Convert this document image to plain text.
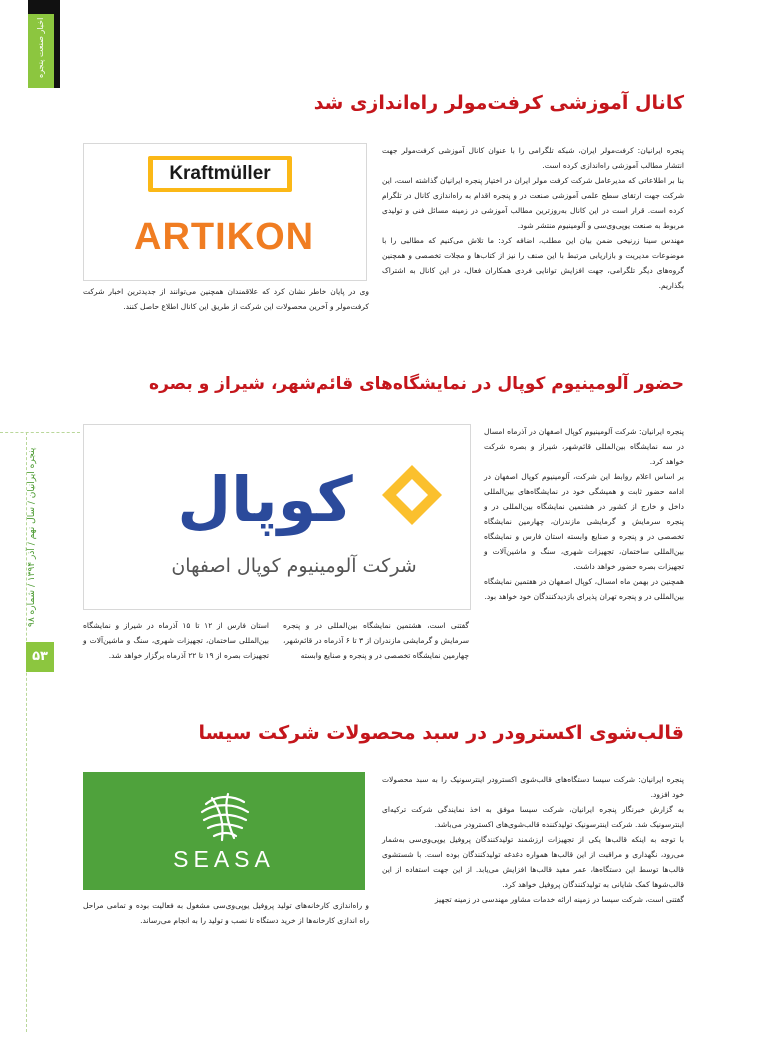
اخبار صنعت پنجره
پنجره ایرانیان / سال نهم / آذر ۱۳۹۴ / شماره ۹۸
۵۳
کانال آموزشی کرفت‌مولر راه‌اندازی شد
Kraftmüller
ARTIKON

پنجره ایرانیان: کرفت‌مولر ایران، شبکه تلگرامی را با عنوان کانال آموزشی کرفت‌مولر جهت انتشار مطالب آموزشی راه‌اندازی کرده است.

بنا بر اطلاعاتی که مدیرعامل شرکت کرفت مولر ایران در اختیار پنجره ایرانیان گذاشته است، این شرکت جهت ارتقای سطح علمی آموزشی صنعت در و پنجره اقدام به راه‌اندازی کانال در تلگرام کرده است. قرار است در این کانال به‌روزترین مطالب آموزشی در زمینه مسائل فنی و تولیدی مربوط به صنعت یوپی‌وی‌سی و آلومینیوم منتشر شود.

مهندس سینا زرنیخی ضمن بیان این مطلب، اضافه کرد: ما تلاش می‌کنیم که مطالبی را با موضوعات مدیریت و بازاریابی مرتبط با این صنف را نیز از کتاب‌ها و مجلات تخصصی و همچنین گروه‌های دیگر تلگرامی، جهت افزایش توانایی فردی همکاران فعال، در این کانال به اشتراک بگذاریم.

وی در پایان خاطر نشان کرد که علاقمندان همچنین می‌توانند از جدیدترین اخبار شرکت کرفت‌مولر و آخرین محصولات این شرکت از طریق این کانال اطلاع حاصل کنند.

حضور آلومینیوم کوپال در نمایشگاه‌های قائم‌شهر، شیراز و بصره
کوپال
شرکت آلومینیوم کوپال اصفهان

پنجره ایرانیان: شرکت آلومینیوم کوپال اصفهان در آذرماه امسال در سه نمایشگاه بین‌المللی قائم‌شهر، شیراز و بصره شرکت خواهد کرد.

بر اساس اعلام روابط این شرکت، آلومینیوم کوپال اصفهان در ادامه حضور ثابت و همیشگی خود در نمایشگاه‌های بین‌المللی داخل و خارج از کشور در هشتمین نمایشگاه بین‌المللی در و پنجره سرمایش و گرمایشی مازندران، چهارمین نمایشگاه تخصصی در و پنجره و صنایع وابسته استان فارس و نمایشگاه بین‌المللی ساختمان، تجهیزات شهری، سنگ و ماشین‌آلات و تجهیزات بصره حضور خواهد داشت.

همچنین در بهمن ماه امسال، کوپال اصفهان در هفتمین نمایشگاه بین‌المللی در و پنجره تهران پذیرای بازدیدکنندگان خود خواهد بود.

گفتنی است، هشتمین نمایشگاه بین‌المللی در و پنجره سرمایش و گرمایشی مازندران از ۳ تا ۶ آذرماه در قائم‌شهر، چهارمین نمایشگاه تخصصی در و پنجره و صنایع وابسته

استان فارس از ۱۲ تا ۱۵ آذرماه در شیراز و نمایشگاه بین‌المللی ساختمان، تجهیزات شهری، سنگ و ماشین‌آلات و تجهیزات بصره از ۱۹ تا ۲۲ آذرماه برگزار خواهد شد.

قالب‌شوی اکسترودر در سبد محصولات شرکت سیسا
SEASA

پنجره ایرانیان: شرکت سیسا دستگاه‌های قالب‌شوی اکسترودر اینترسونیک را به سبد محصولات خود افزود.

به گزارش خبرنگار پنجره ایرانیان، شرکت سیسا موفق به اخذ نمایندگی شرکت ترکیه‌ای اینترسونیک شد. شرکت اینترسونیک تولیدکننده قالب‌شوی‌های اکسترودر می‌باشد.

با توجه به اینکه قالب‌ها یکی از تجهیزات ارزشمند تولیدکنندگان پروفیل یوپی‌وی‌سی به‌شمار می‌رود، نگهداری و مراقبت از این قالب‌ها همواره دغدغه تولیدکنندگان بوده است. با شستشوی قالب‌ها توسط این دستگاه‌ها، عمر مفید قالب‌ها افزایش می‌یابد. از این جهت استفاده از این قالب‌شوها کمک شایانی به تولیدکنندگان پروفیل خواهد کرد.

گفتنی است، شرکت سیسا در زمینه ارائه خدمات مشاور مهندسی در زمینه تجهیز

و راه‌اندازی کارخانه‌های تولید پروفیل یوپی‌وی‌سی مشغول به فعالیت بوده و تمامی مراحل راه اندازی کارخانه‌ها از خرید دستگاه تا نصب و تولید را به انجام می‌رساند.
